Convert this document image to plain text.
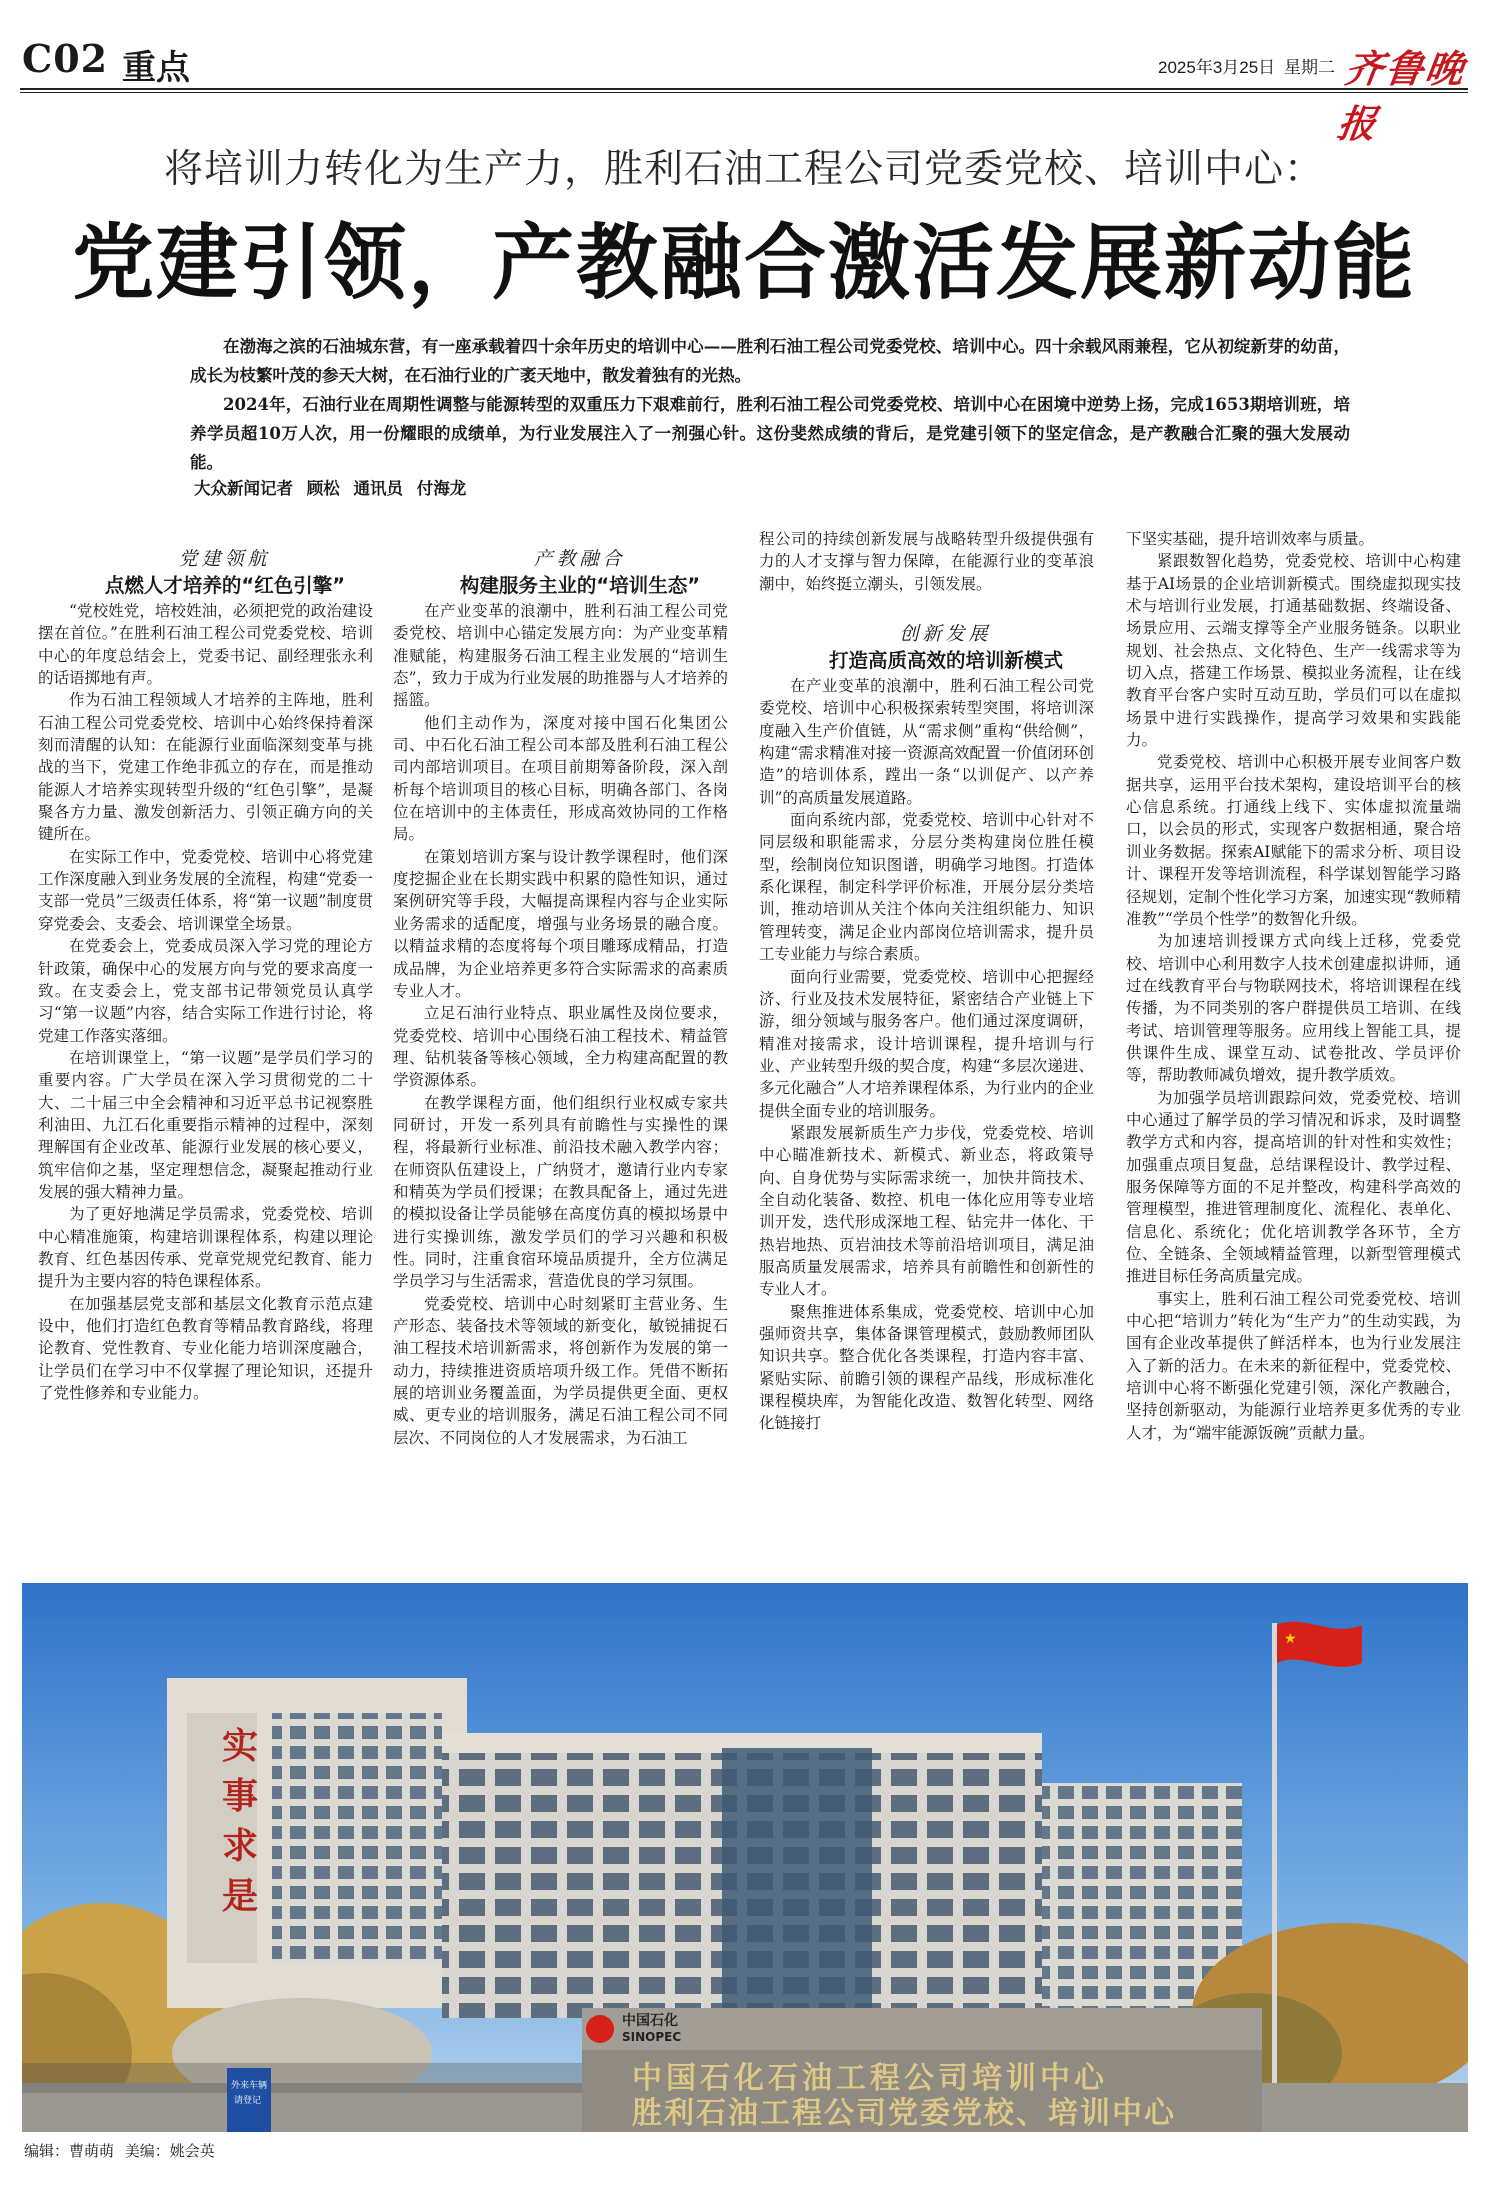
C02 重点	2025年3月25日 星期二 齐鲁晚报
将培训力转化为生产力，胜利石油工程公司党委党校、培训中心：
党建引领，产教融合激活发展新动能

在渤海之滨的石油城东营，有一座承载着四十余年历史的培训中心——胜利石油工程公司党委党校、培训中心。四十余载风雨兼程，它从初绽新芽的幼苗，成长为枝繁叶茂的参天大树，在石油行业的广袤天地中，散发着独有的光热。

2024年，石油行业在周期性调整与能源转型的双重压力下艰难前行，胜利石油工程公司党委党校、培训中心在困境中逆势上扬，完成1653期培训班，培养学员超10万人次，用一份耀眼的成绩单，为行业发展注入了一剂强心针。这份斐然成绩的背后，是党建引领下的坚定信念，是产教融合汇聚的强大发展动能。

大众新闻记者 顾松 通讯员 付海龙

党建领航

点燃人才培养的“红色引擎”

“党校姓党，培校姓油，必须把党的政治建设摆在首位。”在胜利石油工程公司党委党校、培训中心的年度总结会上，党委书记、副经理张永利的话语掷地有声。

作为石油工程领域人才培养的主阵地，胜利石油工程公司党委党校、培训中心始终保持着深刻而清醒的认知：在能源行业面临深刻变革与挑战的当下，党建工作绝非孤立的存在，而是推动能源人才培养实现转型升级的“红色引擎”，是凝聚各方力量、激发创新活力、引领正确方向的关键所在。

在实际工作中，党委党校、培训中心将党建工作深度融入到业务发展的全流程，构建“党委一支部一党员”三级责任体系，将“第一议题”制度贯穿党委会、支委会、培训课堂全场景。

在党委会上，党委成员深入学习党的理论方针政策，确保中心的发展方向与党的要求高度一致。在支委会上，党支部书记带领党员认真学习“第一议题”内容，结合实际工作进行讨论，将党建工作落实落细。

在培训课堂上，“第一议题”是学员们学习的重要内容。广大学员在深入学习贯彻党的二十大、二十届三中全会精神和习近平总书记视察胜利油田、九江石化重要指示精神的过程中，深刻理解国有企业改革、能源行业发展的核心要义，筑牢信仰之基，坚定理想信念，凝聚起推动行业发展的强大精神力量。

为了更好地满足学员需求，党委党校、培训中心精准施策，构建培训课程体系，构建以理论教育、红色基因传承、党章党规党纪教育、能力提升为主要内容的特色课程体系。

在加强基层党支部和基层文化教育示范点建设中，他们打造红色教育等精品教育路线，将理论教育、党性教育、专业化能力培训深度融合，让学员们在学习中不仅掌握了理论知识，还提升了党性修养和专业能力。

产教融合

构建服务主业的“培训生态”

在产业变革的浪潮中，胜利石油工程公司党委党校、培训中心锚定发展方向：为产业变革精准赋能，构建服务石油工程主业发展的“培训生态”，致力于成为行业发展的助推器与人才培养的摇篮。

他们主动作为，深度对接中国石化集团公司、中石化石油工程公司本部及胜利石油工程公司内部培训项目。在项目前期筹备阶段，深入剖析每个培训项目的核心目标，明确各部门、各岗位在培训中的主体责任，形成高效协同的工作格局。

在策划培训方案与设计教学课程时，他们深度挖掘企业在长期实践中积累的隐性知识，通过案例研究等手段，大幅提高课程内容与企业实际业务需求的适配度，增强与业务场景的融合度。以精益求精的态度将每个项目雕琢成精品，打造成品牌，为企业培养更多符合实际需求的高素质专业人才。

立足石油行业特点、职业属性及岗位要求，党委党校、培训中心围绕石油工程技术、精益管理、钻机装备等核心领域，全力构建高配置的教学资源体系。

在教学课程方面，他们组织行业权威专家共同研讨，开发一系列具有前瞻性与实操性的课程，将最新行业标准、前沿技术融入教学内容；在师资队伍建设上，广纳贤才，邀请行业内专家和精英为学员们授课；在教具配备上，通过先进的模拟设备让学员能够在高度仿真的模拟场景中进行实操训练，激发学员们的学习兴趣和积极性。同时，注重食宿环境品质提升，全方位满足学员学习与生活需求，营造优良的学习氛围。

党委党校、培训中心时刻紧盯主营业务、生产形态、装备技术等领域的新变化，敏锐捕捉石油工程技术培训新需求，将创新作为发展的第一动力，持续推进资质培项升级工作。凭借不断拓展的培训业务覆盖面，为学员提供更全面、更权威、更专业的培训服务，满足石油工程公司不同层次、不同岗位的人才发展需求，为石油工

程公司的持续创新发展与战略转型升级提供强有力的人才支撑与智力保障，在能源行业的变革浪潮中，始终挺立潮头，引领发展。

创新发展

打造高质高效的培训新模式

在产业变革的浪潮中，胜利石油工程公司党委党校、培训中心积极探索转型突围，将培训深度融入生产价值链，从“需求侧”重构“供给侧”，构建“需求精准对接一资源高效配置一价值闭环创造”的培训体系，蹚出一条“以训促产、以产养训”的高质量发展道路。

面向系统内部，党委党校、培训中心针对不同层级和职能需求，分层分类构建岗位胜任模型，绘制岗位知识图谱，明确学习地图。打造体系化课程，制定科学评价标准，开展分层分类培训，推动培训从关注个体向关注组织能力、知识管理转变，满足企业内部岗位培训需求，提升员工专业能力与综合素质。

面向行业需要，党委党校、培训中心把握经济、行业及技术发展特征，紧密结合产业链上下游，细分领域与服务客户。他们通过深度调研，精准对接需求，设计培训课程，提升培训与行业、产业转型升级的契合度，构建“多层次递进、多元化融合”人才培养课程体系，为行业内的企业提供全面专业的培训服务。

紧跟发展新质生产力步伐，党委党校、培训中心瞄准新技术、新模式、新业态，将政策导向、自身优势与实际需求统一，加快井筒技术、全自动化装备、数控、机电一体化应用等专业培训开发，迭代形成深地工程、钻完井一体化、干热岩地热、页岩油技术等前沿培训项目，满足油服高质量发展需求，培养具有前瞻性和创新性的专业人才。

聚焦推进体系集成，党委党校、培训中心加强师资共享，集体备课管理模式，鼓励教师团队知识共享。整合优化各类课程，打造内容丰富、紧贴实际、前瞻引领的课程产品线，形成标准化课程模块库，为智能化改造、数智化转型、网络化链接打

下坚实基础，提升培训效率与质量。

紧跟数智化趋势，党委党校、培训中心构建基于AI场景的企业培训新模式。围绕虚拟现实技术与培训行业发展，打通基础数据、终端设备、场景应用、云端支撑等全产业服务链条。以职业规划、社会热点、文化特色、生产一线需求等为切入点，搭建工作场景、模拟业务流程，让在线教育平台客户实时互动互助，学员们可以在虚拟场景中进行实践操作，提高学习效果和实践能力。

党委党校、培训中心积极开展专业间客户数据共享，运用平台技术架构，建设培训平台的核心信息系统。打通线上线下、实体虚拟流量端口，以会员的形式，实现客户数据相通，聚合培训业务数据。探索AI赋能下的需求分析、项目设计、课程开发等培训流程，科学谋划智能学习路径规划，定制个性化学习方案，加速实现“教师精准教”“学员个性学”的数智化升级。

为加速培训授课方式向线上迁移，党委党校、培训中心利用数字人技术创建虚拟讲师，通过在线教育平台与物联网技术，将培训课程在线传播，为不同类别的客户群提供员工培训、在线考试、培训管理等服务。应用线上智能工具，提供课件生成、课堂互动、试卷批改、学员评价等，帮助教师减负增效，提升教学质效。

为加强学员培训跟踪问效，党委党校、培训中心通过了解学员的学习情况和诉求，及时调整教学方式和内容，提高培训的针对性和实效性；加强重点项目复盘，总结课程设计、教学过程、服务保障等方面的不足并整改，构建科学高效的管理模型，推进管理制度化、流程化、表单化、信息化、系统化；优化培训教学各环节，全方位、全链条、全领域精益管理，以新型管理模式推进目标任务高质量完成。

事实上，胜利石油工程公司党委党校、培训中心把“培训力”转化为“生产力”的生动实践，为国有企业改革提供了鲜活样本，也为行业发展注入了新的活力。在未来的新征程中，党委党校、培训中心将不断强化党建引领，深化产教融合，坚持创新驱动，为能源行业培养更多优秀的专业人才，为“端牢能源饭碗”贡献力量。

实
事
求
是
★
中国石化
SINOPEC
中国石化石油工程公司培训中心
胜利石油工程公司党委党校、培训中心
外来车辆
请登记
编辑：曹萌萌 美编：姚会英
